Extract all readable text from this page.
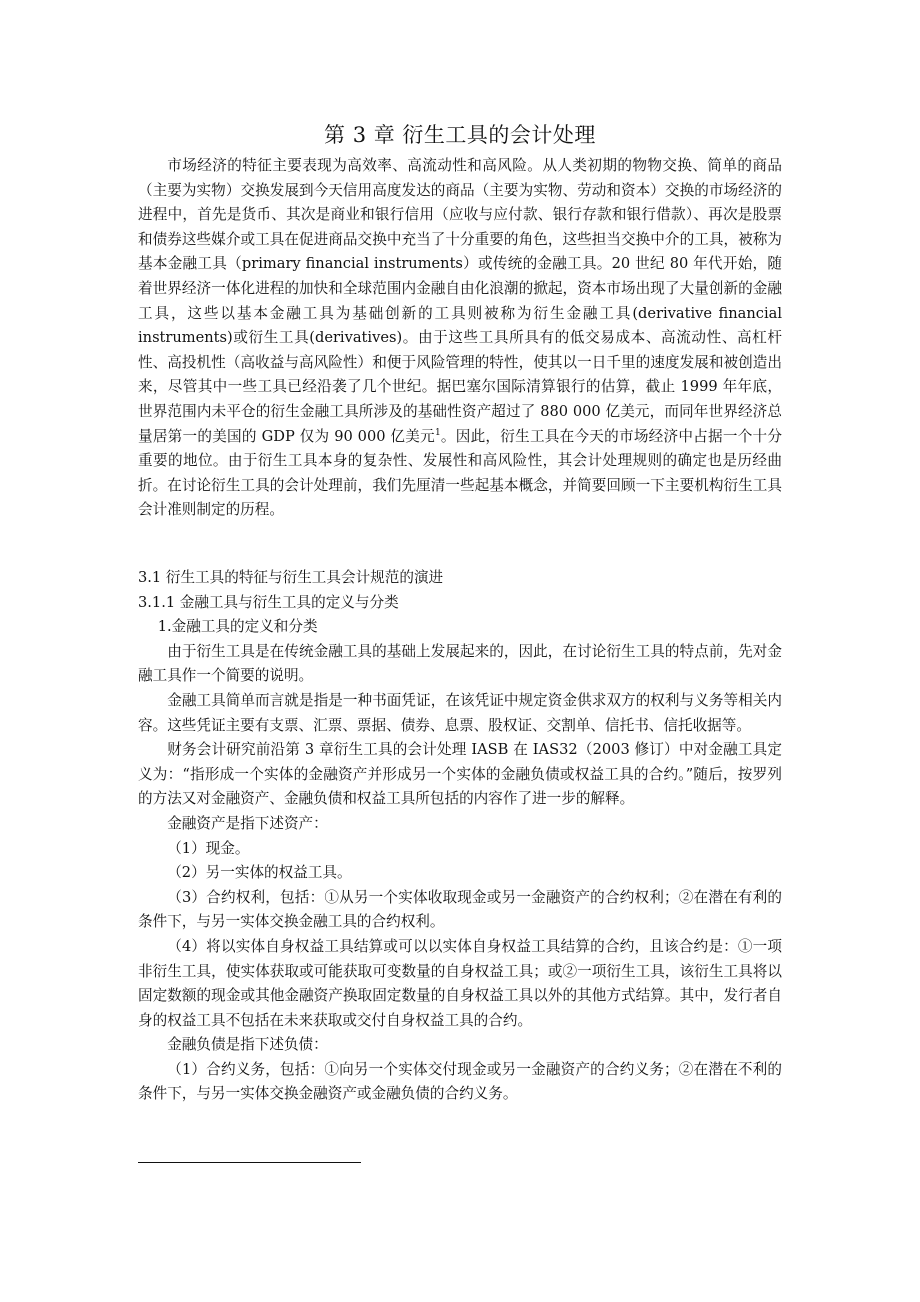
第 3 章 衍生工具的会计处理

市场经济的特征主要表现为高效率、高流动性和高风险。从人类初期的物物交换、简单的商品（主要为实物）交换发展到今天信用高度发达的商品（主要为实物、劳动和资本）交换的市场经济的进程中，首先是货币、其次是商业和银行信用（应收与应付款、银行存款和银行借款）、再次是股票和债券这些媒介或工具在促进商品交换中充当了十分重要的角色，这些担当交换中介的工具，被称为基本金融工具（primary financial instruments）或传统的金融工具。20 世纪 80 年代开始，随着世界经济一体化进程的加快和全球范围内金融自由化浪潮的掀起，资本市场出现了大量创新的金融工具，这些以基本金融工具为基础创新的工具则被称为衍生金融工具(derivative financial instruments)或衍生工具(derivatives)。由于这些工具所具有的低交易成本、高流动性、高杠杆性、高投机性（高收益与高风险性）和便于风险管理的特性，使其以一日千里的速度发展和被创造出来，尽管其中一些工具已经沿袭了几个世纪。据巴塞尔国际清算银行的估算，截止 1999 年年底，世界范围内未平仓的衍生金融工具所涉及的基础性资产超过了 880 000 亿美元，而同年世界经济总量居第一的美国的 GDP 仅为 90 000 亿美元$^1$。因此，衍生工具在今天的市场经济中占据一个十分重要的地位。由于衍生工具本身的复杂性、发展性和高风险性，其会计处理规则的确定也是历经曲折。在讨论衍生工具的会计处理前，我们先厘清一些起基本概念，并简要回顾一下主要机构衍生工具会计准则制定的历程。

3.1 衍生工具的特征与衍生工具会计规范的演进

3.1.1 金融工具与衍生工具的定义与分类

1.金融工具的定义和分类

由于衍生工具是在传统金融工具的基础上发展起来的，因此，在讨论衍生工具的特点前，先对金融工具作一个简要的说明。

金融工具简单而言就是指是一种书面凭证，在该凭证中规定资金供求双方的权利与义务等相关内容。这些凭证主要有支票、汇票、票据、债券、息票、股权证、交割单、信托书、信托收据等。

财务会计研究前沿第 3 章衍生工具的会计处理 IASB 在 IAS32（2003 修订）中对金融工具定义为：“指形成一个实体的金融资产并形成另一个实体的金融负债或权益工具的合约。”随后，按罗列的方法又对金融资产、金融负债和权益工具所包括的内容作了进一步的解释。

金融资产是指下述资产：

（1）现金。

（2）另一实体的权益工具。

（3）合约权利，包括：①从另一个实体收取现金或另一金融资产的合约权利；②在潜在有利的条件下，与另一实体交换金融工具的合约权利。

（4）将以实体自身权益工具结算或可以以实体自身权益工具结算的合约，且该合约是：①一项非衍生工具，使实体获取或可能获取可变数量的自身权益工具；或②一项衍生工具，该衍生工具将以固定数额的现金或其他金融资产换取固定数量的自身权益工具以外的其他方式结算。其中，发行者自身的权益工具不包括在未来获取或交付自身权益工具的合约。

金融负债是指下述负债：

（1）合约义务，包括：①向另一个实体交付现金或另一金融资产的合约义务；②在潜在不利的条件下，与另一实体交换金融资产或金融负债的合约义务。
